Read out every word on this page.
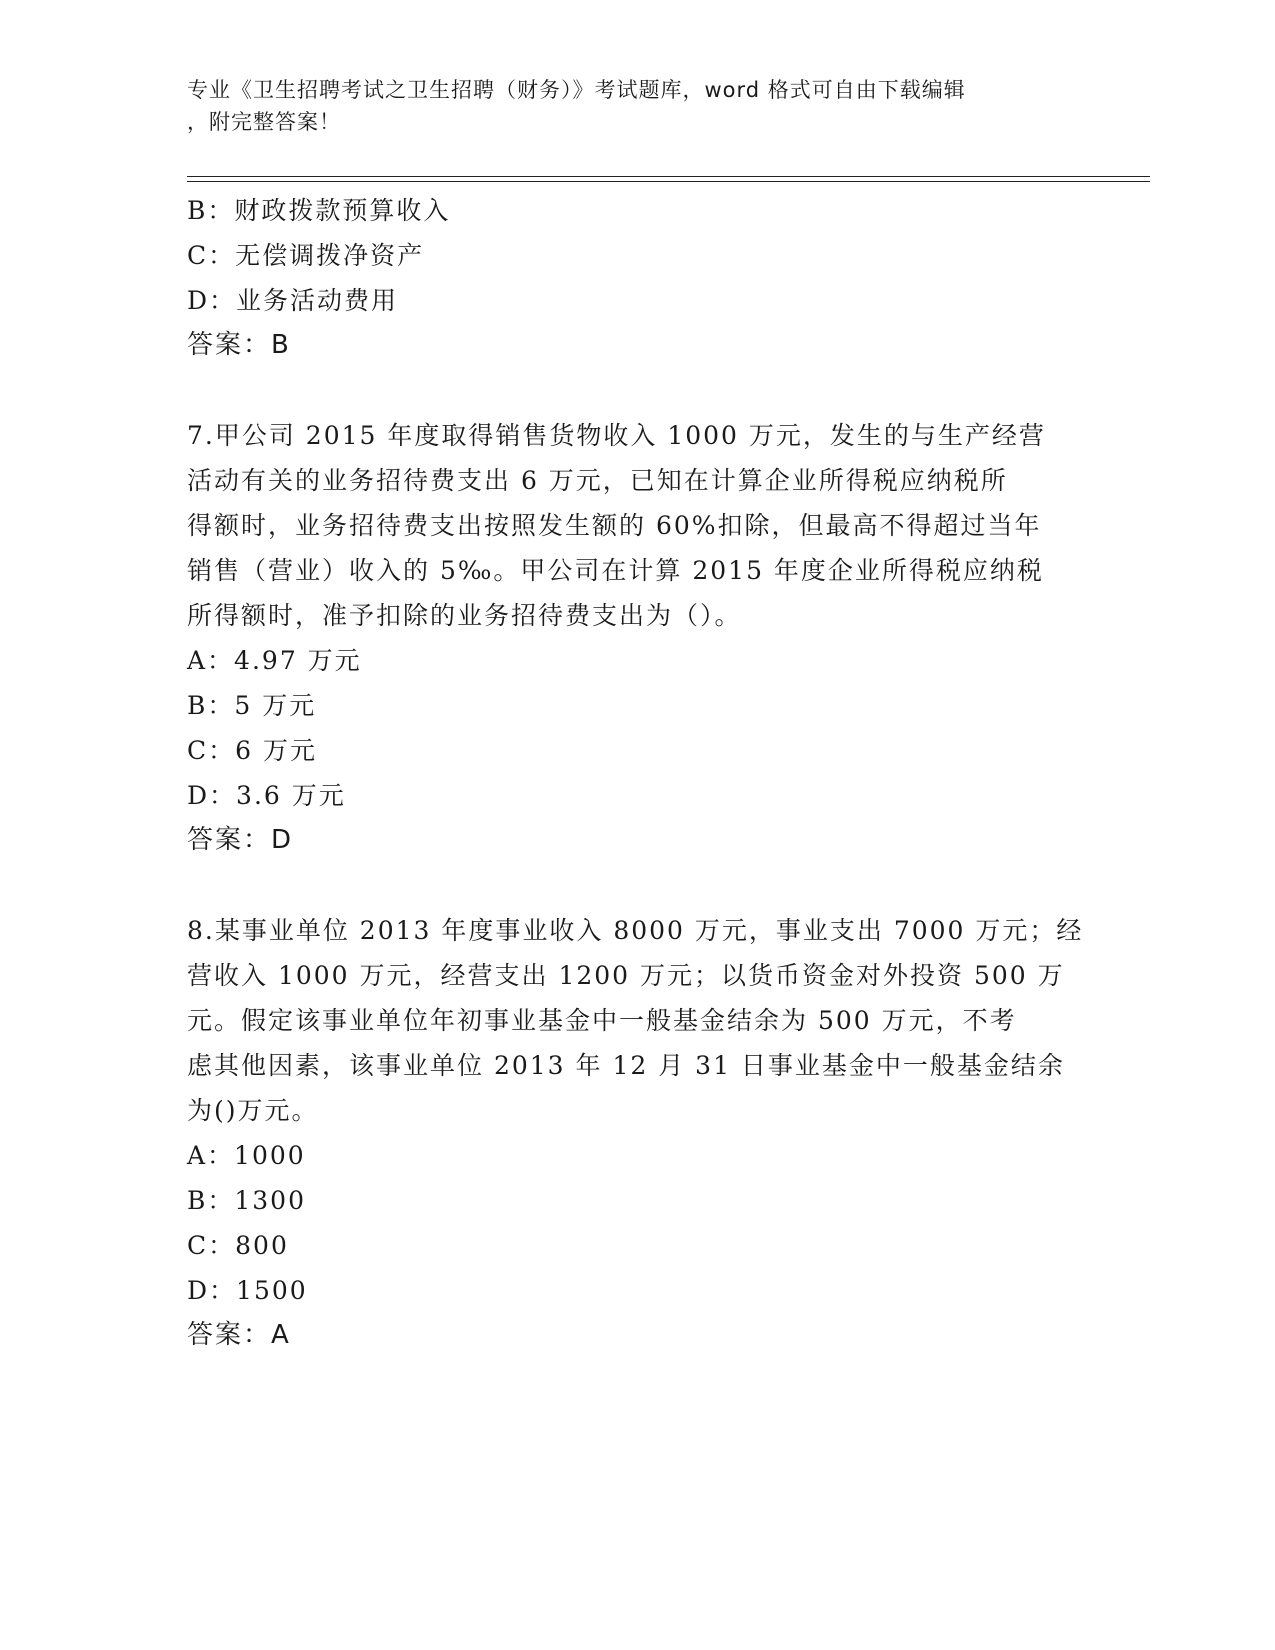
专业《卫生招聘考试之卫生招聘（财务）》考试题库，word 格式可自由下载编辑
，附完整答案！
B：财政拨款预算收入
C：无偿调拨净资产
D：业务活动费用
答案：B
7.甲公司 2015 年度取得销售货物收入 1000 万元，发生的与生产经营
活动有关的业务招待费支出 6 万元，已知在计算企业所得税应纳税所
得额时，业务招待费支出按照发生额的 60%扣除，但最高不得超过当年
销售（营业）收入的 5‰。甲公司在计算 2015 年度企业所得税应纳税
所得额时，准予扣除的业务招待费支出为（）。
A：4.97 万元
B：5 万元
C：6 万元
D：3.6 万元
答案：D
8.某事业单位 2013 年度事业收入 8000 万元，事业支出 7000 万元；经
营收入 1000 万元，经营支出 1200 万元；以货币资金对外投资 500 万
元。假定该事业单位年初事业基金中一般基金结余为 500 万元，不考
虑其他因素，该事业单位 2013 年 12 月 31 日事业基金中一般基金结余
为()万元。
A：1000
B：1300
C：800
D：1500
答案：A
